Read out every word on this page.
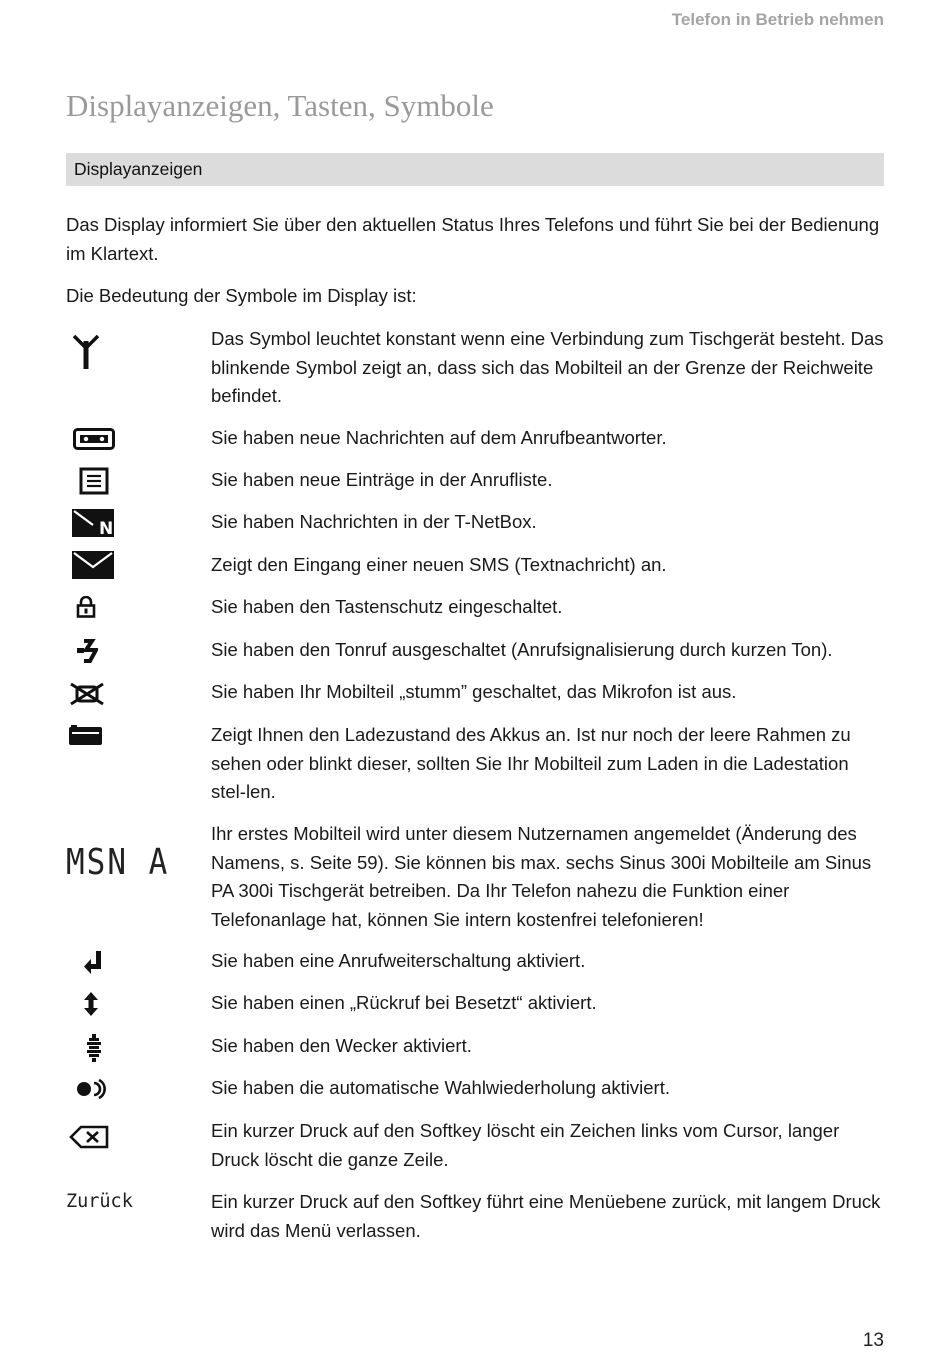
Telefon in Betrieb nehmen
Displayanzeigen, Tasten, Symbole
Displayanzeigen

Das Display informiert Sie über den aktuellen Status Ihres Telefons und führt Sie bei der Bedienung im Klartext.

Die Bedeutung der Symbole im Display ist:

Das Symbol leuchtet konstant wenn eine Verbindung zum Tischgerät besteht. Das blinkende Symbol zeigt an, dass sich das Mobilteil an der Grenze der Reichweite befindet.
Sie haben neue Nachrichten auf dem Anrufbeantworter.
Sie haben neue Einträge in der Anrufliste.
N	Sie haben Nachrichten in der T-NetBox.
Zeigt den Eingang einer neuen SMS (Textnachricht) an.
Sie haben den Tastenschutz eingeschaltet.
Sie haben den Tonruf ausgeschaltet (Anrufsignalisierung durch kurzen Ton).
Sie haben Ihr Mobilteil „stumm” geschaltet, das Mikrofon ist aus.
Zeigt Ihnen den Ladezustand des Akkus an. Ist nur noch der leere Rahmen zu sehen oder blinkt dieser, sollten Sie Ihr Mobilteil zum Laden in die Ladestation stel-len.
MSN A
Ihr erstes Mobilteil wird unter diesem Nutzernamen angemeldet (Änderung des Namens, s. Seite 59). Sie können bis max. sechs Sinus 300i Mobilteile am Sinus PA 300i Tischgerät betreiben. Da Ihr Telefon nahezu die Funktion einer Telefonanlage hat, können Sie intern kostenfrei telefonieren!
Sie haben eine Anrufweiterschaltung aktiviert.
Sie haben einen „Rückruf bei Besetzt“ aktiviert.
Sie haben den Wecker aktiviert.
Sie haben die automatische Wahlwiederholung aktiviert.
Ein kurzer Druck auf den Softkey löscht ein Zeichen links vom Cursor, langer Druck löscht die ganze Zeile.
Zurück	Ein kurzer Druck auf den Softkey führt eine Menüebene zurück, mit langem Druck wird das Menü verlassen.
13
